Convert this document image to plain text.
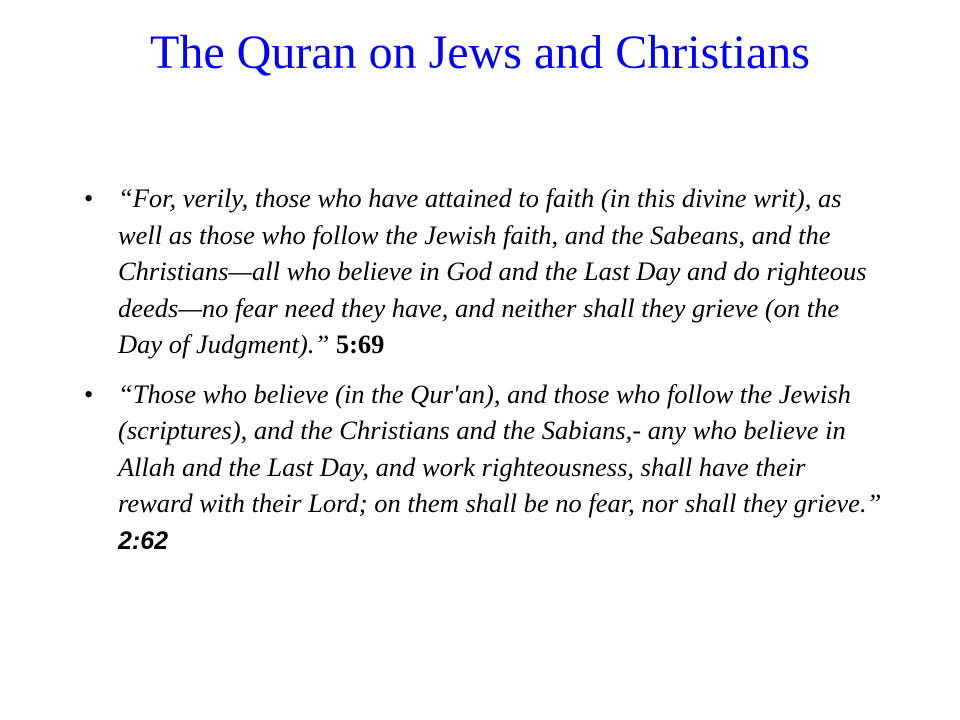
The Quran on Jews and Christians
• “For, verily, those who have attained to faith (in this divine writ), as well as those who follow the Jewish faith, and the Sabeans, and the Christians—all who believe in God and the Last Day and do righteous deeds—no fear need they have, and neither shall they grieve (on the Day of Judgment).” 5:69
• “Those who believe (in the Qur'an), and those who follow the Jewish (scriptures), and the Christians and the Sabians,- any who believe in Allah and the Last Day, and work righteousness, shall have their reward with their Lord; on them shall be no fear, nor shall they grieve.” 2:62
